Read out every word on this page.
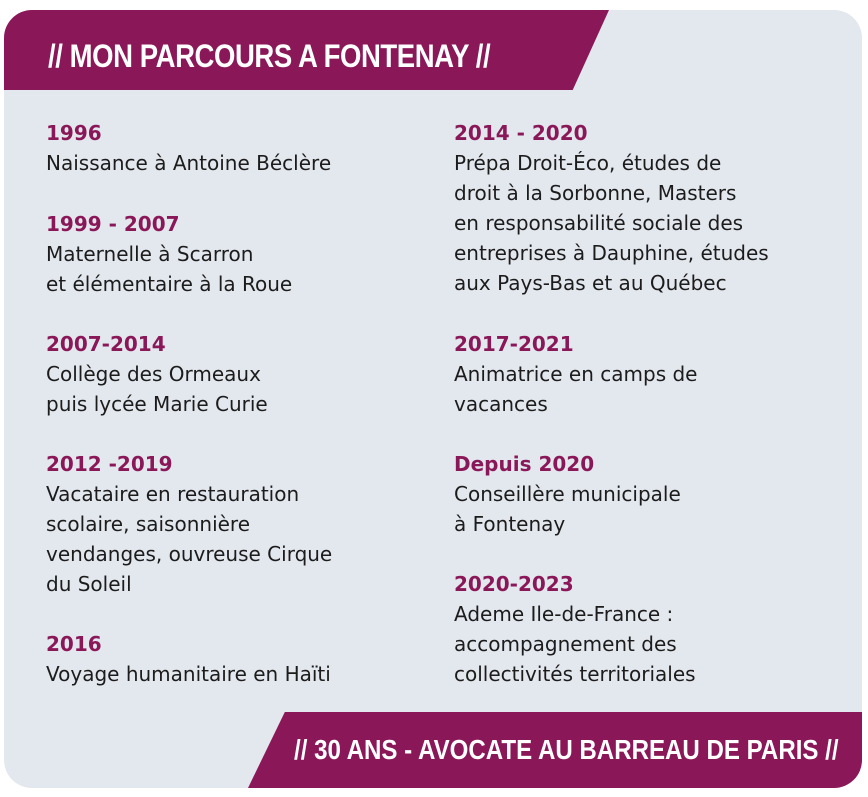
// MON PARCOURS A FONTENAY //
1996
Naissance à Antoine Béclère
1999 - 2007
Maternelle à Scarron
et élémentaire à la Roue
2007-2014
Collège des Ormeaux
puis lycée Marie Curie
2012 -2019
Vacataire en restauration
scolaire, saisonnière
vendanges, ouvreuse Cirque
du Soleil
2016
Voyage humanitaire en Haïti
2014 - 2020
Prépa Droit-Éco, études de
droit à la Sorbonne, Masters
en responsabilité sociale des
entreprises à Dauphine, études
aux Pays-Bas et au Québec
2017-2021
Animatrice en camps de
vacances
Depuis 2020
Conseillère municipale
à Fontenay
2020-2023
Ademe Ile-de-France :
accompagnement des
collectivités territoriales
// 30 ANS - AVOCATE AU BARREAU DE PARIS //
